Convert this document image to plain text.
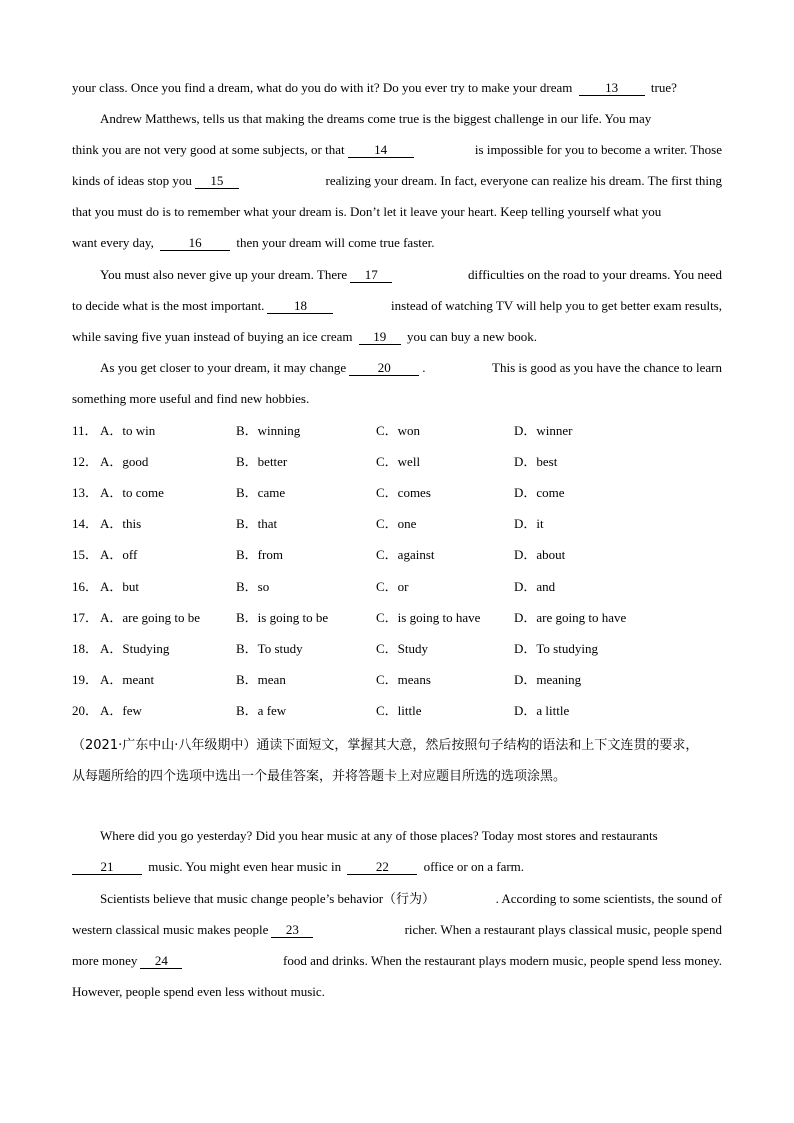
your class. Once you find a dream, what do you do with it? Do you ever try to make your dream	13	true?
Andrew Matthews, tells us that making the dreams come true is the biggest challenge in our life. You may
think you are not very good at some subjects, or that 14	is impossible for you to become a writer. Those
kinds of ideas stop you 15	realizing your dream. In fact, everyone can realize his dream. The first thing
that you must do is to remember what your dream is. Don’t let it leave your heart. Keep telling yourself what you
want every day,	16	then your dream will come true faster.
You must also never give up your dream. There 17	difficulties on the road to your dreams. You need
to decide what is the most important. 18	instead of watching TV will help you to get better exam results,
while saving five yuan instead of buying an ice cream 19 you can buy a new book.
As you get closer to your dream, it may change 20 .	This is good as you have the chance to learn
something more useful and find new hobbies.
11． A．to win	B．winning	C．won	D．winner
12． A．good	B．better	C．well	D．best
13． A．to come	B．came	C．comes	D．come
14． A．this	B．that	C．one	D．it
15． A．off	B．from	C．against	D．about
16． A．but	B．so	C．or	D．and
17． A．are going to be	B．is going to be	C．is going to have	D．are going to have
18． A．Studying	B．To study	C．Study	D．To studying
19． A．meant	B．mean	C．means	D．meaning
20． A．few	B．a few	C．little	D．a little
（2021·广东中山·八年级期中）通读下面短文，掌握其大意，然后按照句子结构的语法和上下文连贯的要求，
从每题所给的四个选项中选出一个最佳答案，并将答题卡上对应题目所选的选项涂黑。
Where did you go yesterday? Did you hear music at any of those places? Today most stores and restaurants
21	music. You might even hear music in	22	office or on a farm.
Scientists believe that music change people’s behavior（行为）	. According to some scientists, the sound of
western classical music makes people 23	richer. When a restaurant plays classical music, people spend
more money 24	food and drinks. When the restaurant plays modern music, people spend less money.
However, people spend even less without music.
